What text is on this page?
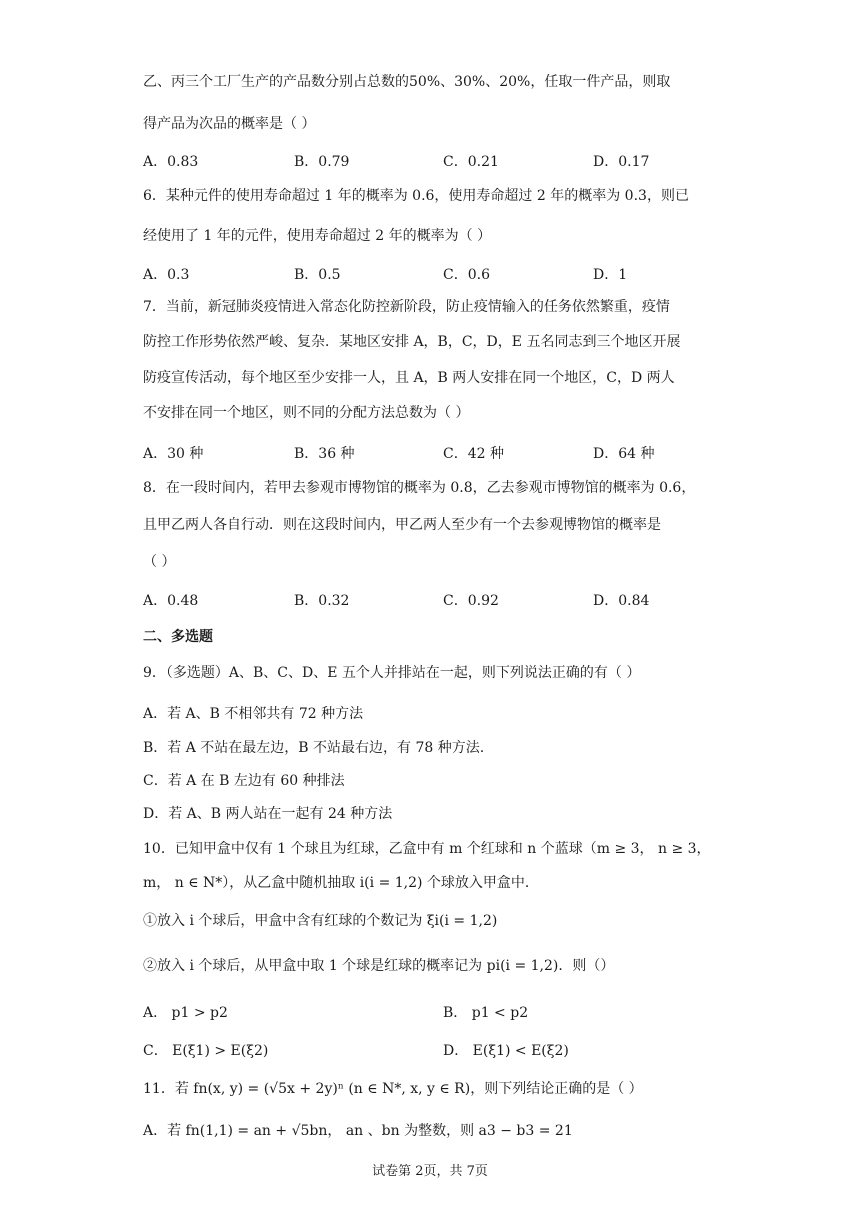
乙、丙三个工厂生产的产品数分别占总数的50%、30%、20%，任取一件产品，则取
得产品为次品的概率是（ ）
A．0.83	B．0.79	C．0.21	D．0.17
6．某种元件的使用寿命超过 1 年的概率为 0.6，使用寿命超过 2 年的概率为 0.3，则已
经使用了 1 年的元件，使用寿命超过 2 年的概率为（ ）
A．0.3	B．0.5	C．0.6	D．1
7．当前，新冠肺炎疫情进入常态化防控新阶段，防止疫情输入的任务依然繁重，疫情
防控工作形势依然严峻、复杂．某地区安排 A，B，C，D，E 五名同志到三个地区开展
防疫宣传活动，每个地区至少安排一人，且 A，B 两人安排在同一个地区，C，D 两人
不安排在同一个地区，则不同的分配方法总数为（ ）
A．30 种	B．36 种	C．42 种	D．64 种
8．在一段时间内，若甲去参观市博物馆的概率为 0.8，乙去参观市博物馆的概率为 0.6，
且甲乙两人各自行动．则在这段时间内，甲乙两人至少有一个去参观博物馆的概率是
（ ）
A．0.48	B．0.32	C．0.92	D．0.84
二、多选题
9．（多选题）A、B、C、D、E 五个人并排站在一起，则下列说法正确的有（ ）
A．若 A、B 不相邻共有 72 种方法
B．若 A 不站在最左边，B 不站最右边，有 78 种方法.
C．若 A 在 B 左边有 60 种排法
D．若 A、B 两人站在一起有 24 种方法
10．已知甲盒中仅有 1 个球且为红球，乙盒中有 m 个红球和 n 个蓝球（m ≥ 3， n ≥ 3，
m， n ∈ N*），从乙盒中随机抽取 i(i = 1,2) 个球放入甲盒中．
①放入 i 个球后，甲盒中含有红球的个数记为 ξi(i = 1,2)
②放入 i 个球后，从甲盒中取 1 个球是红球的概率记为 pi(i = 1,2)．则（）
A． p1 > p2	B． p1 < p2
C． E(ξ1) > E(ξ2)	D． E(ξ1) < E(ξ2)
11．若 fn(x, y) = (√5x + 2y)ⁿ (n ∈ N*, x, y ∈ R)，则下列结论正确的是（ ）
A．若 fn(1,1) = an + √5bn， an 、bn 为整数，则 a3 − b3 = 21
试卷第 2页，共 7页
